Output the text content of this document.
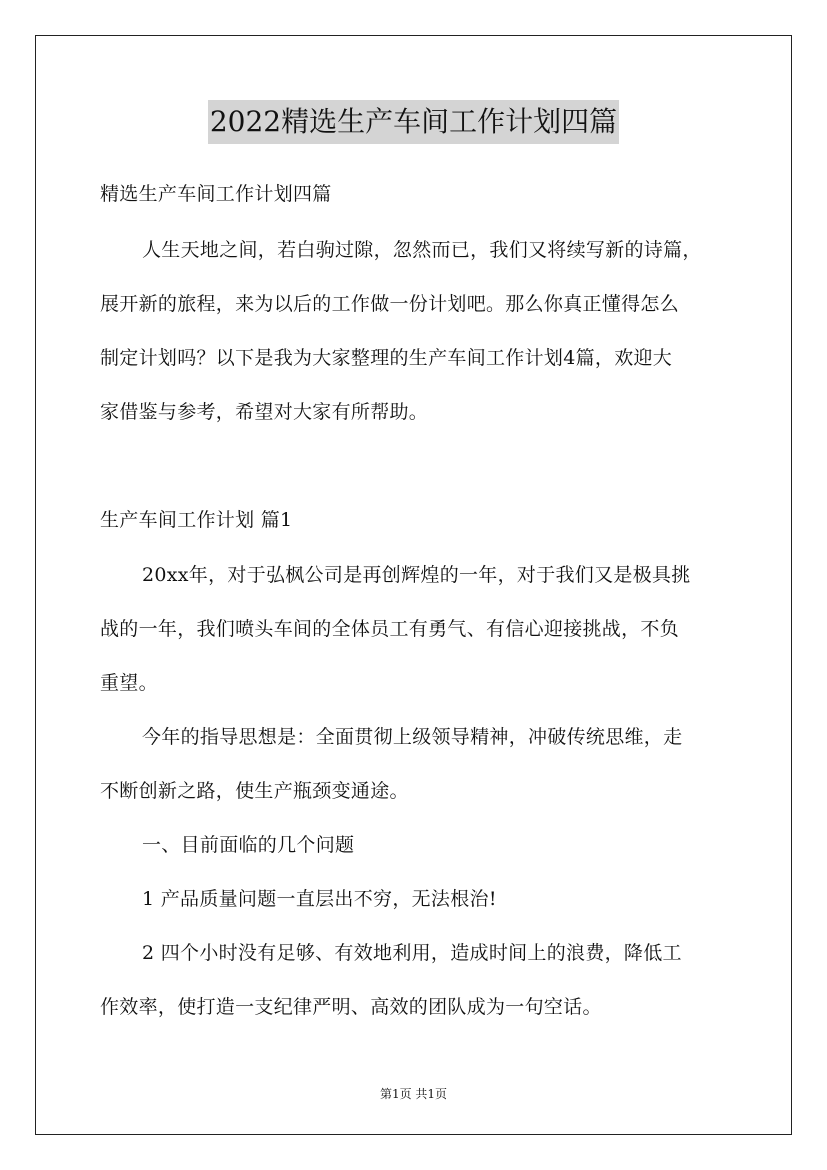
2022精选生产车间工作计划四篇
精选生产车间工作计划四篇
人生天地之间，若白驹过隙，忽然而已，我们又将续写新的诗篇，
展开新的旅程，来为以后的工作做一份计划吧。那么你真正懂得怎么
制定计划吗？以下是我为大家整理的生产车间工作计划4篇，欢迎大
家借鉴与参考，希望对大家有所帮助。
生产车间工作计划 篇1
20xx年，对于弘枫公司是再创辉煌的一年，对于我们又是极具挑
战的一年，我们喷头车间的全体员工有勇气、有信心迎接挑战，不负
重望。
今年的指导思想是：全面贯彻上级领导精神，冲破传统思维，走
不断创新之路，使生产瓶颈变通途。
一、目前面临的几个问题
1 产品质量问题一直层出不穷，无法根治!
2 四个小时没有足够、有效地利用，造成时间上的浪费，降低工
作效率，使打造一支纪律严明、高效的团队成为一句空话。
第1页 共1页
